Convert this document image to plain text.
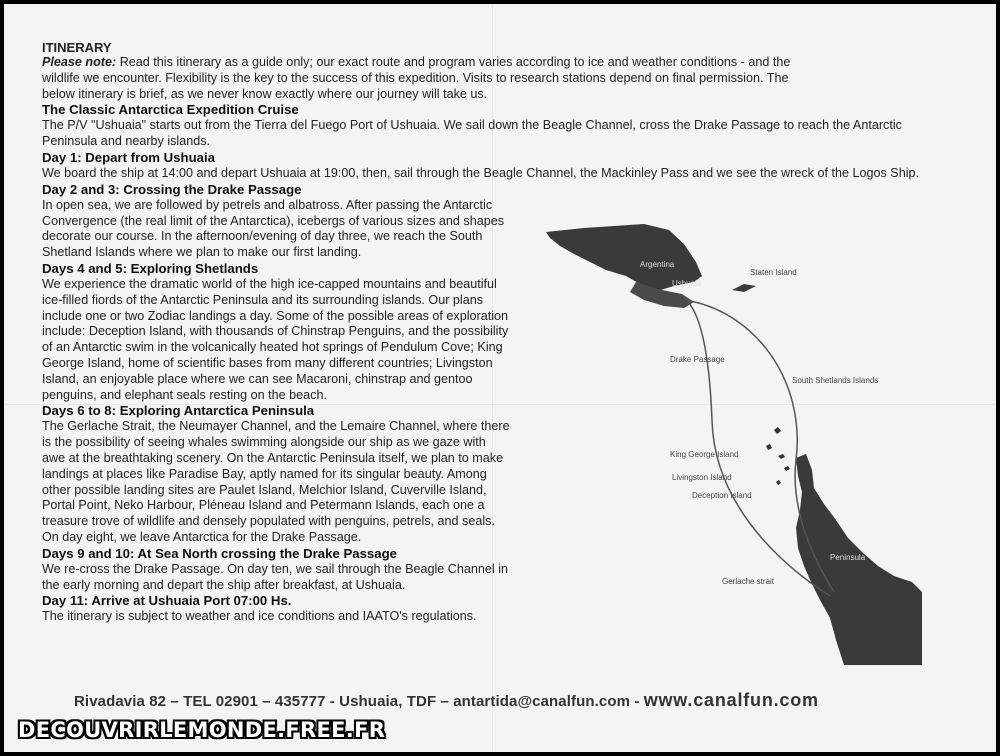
ITINERARY

Please note: Read this itinerary as a guide only; our exact route and program varies according to ice and weather conditions - and the wildlife we encounter. Flexibility is the key to the success of this expedition. Visits to research stations depend on final permission. The below itinerary is brief, as we never know exactly where our journey will take us.

The Classic Antarctica Expedition Cruise

The P/V "Ushuaia" starts out from the Tierra del Fuego Port of Ushuaia. We sail down the Beagle Channel, cross the Drake Passage to reach the Antarctic Peninsula and nearby islands.

Day 1: Depart from Ushuaia

We board the ship at 14:00 and depart Ushuaia at 19:00, then, sail through the Beagle Channel, the Mackinley Pass and we see the wreck of the Logos Ship.

Day 2 and 3: Crossing the Drake Passage

In open sea, we are followed by petrels and albatross. After passing the Antarctic Convergence (the real limit of the Antarctica), icebergs of various sizes and shapes decorate our course. In the afternoon/evening of day three, we reach the South Shetland Islands where we plan to make our first landing.

Days 4 and 5: Exploring Shetlands

We experience the dramatic world of the high ice-capped mountains and beautiful ice-filled fiords of the Antarctic Peninsula and its surrounding islands. Our plans include one or two Zodiac landings a day. Some of the possible areas of exploration include: Deception Island, with thousands of Chinstrap Penguins, and the possibility of an Antarctic swim in the volcanically heated hot springs of Pendulum Cove; King George Island, home of scientific bases from many different countries; Livingston Island, an enjoyable place where we can see Macaroni, chinstrap and gentoo penguins, and elephant seals resting on the beach.

Days 6 to 8: Exploring Antarctica Peninsula

The Gerlache Strait, the Neumayer Channel, and the Lemaire Channel, where there is the possibility of seeing whales swimming alongside our ship as we gaze with awe at the breathtaking scenery. On the Antarctic Peninsula itself, we plan to make landings at places like Paradise Bay, aptly named for its singular beauty. Among other possible landing sites are Paulet Island, Melchior Island, Cuverville Island, Portal Point, Neko Harbour, Pléneau Island and Petermann Islands, each one a treasure trove of wildlife and densely populated with penguins, petrels, and seals. On day eight, we leave Antarctica for the Drake Passage.

Days 9 and 10: At Sea North crossing the Drake Passage

We re-cross the Drake Passage. On day ten, we sail through the Beagle Channel in the early morning and depart the ship after breakfast, at Ushuaia.

Day 11: Arrive at Ushuaia Port 07:00 Hs.

The itinerary is subject to weather and ice conditions and IAATO's regulations.

Argentina
Ushuaia
Staten Island
Drake Passage
South Shetlands Islands
King George Island
Livingston Island
Deception Island
Peninsula
Gerlache strait
Rivadavia 82 – TEL 02901 – 435777 - Ushuaia, TDF – antartida@canalfun.com - www.canalfun.com
DECOUVRIRLEMONDE.FREE.FR
